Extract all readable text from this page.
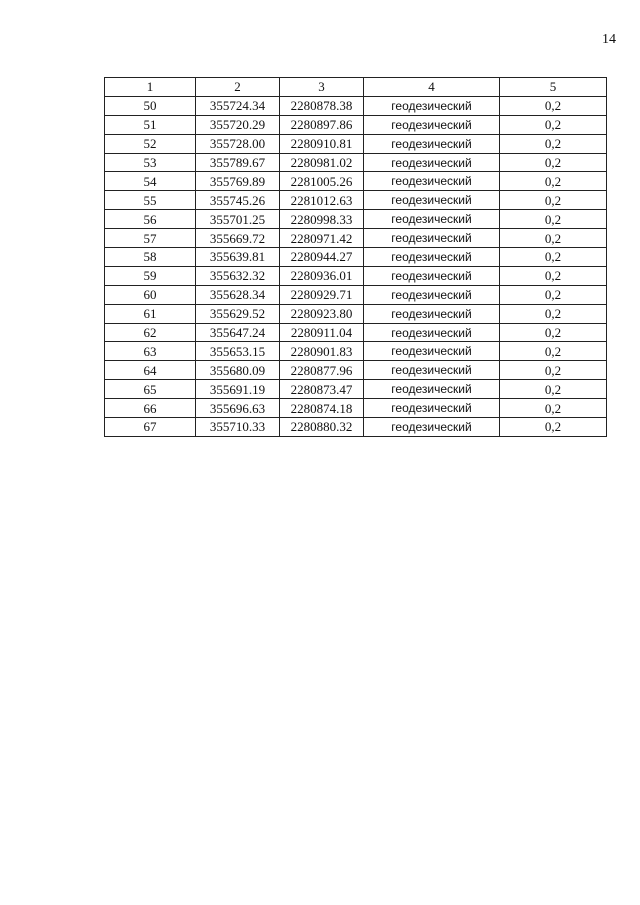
14
1	2	3	4	5
50	355724.34	2280878.38	геодезический	0,2
51	355720.29	2280897.86	геодезический	0,2
52	355728.00	2280910.81	геодезический	0,2
53	355789.67	2280981.02	геодезический	0,2
54	355769.89	2281005.26	геодезический	0,2
55	355745.26	2281012.63	геодезический	0,2
56	355701.25	2280998.33	геодезический	0,2
57	355669.72	2280971.42	геодезический	0,2
58	355639.81	2280944.27	геодезический	0,2
59	355632.32	2280936.01	геодезический	0,2
60	355628.34	2280929.71	геодезический	0,2
61	355629.52	2280923.80	геодезический	0,2
62	355647.24	2280911.04	геодезический	0,2
63	355653.15	2280901.83	геодезический	0,2
64	355680.09	2280877.96	геодезический	0,2
65	355691.19	2280873.47	геодезический	0,2
66	355696.63	2280874.18	геодезический	0,2
67	355710.33	2280880.32	геодезический	0,2
